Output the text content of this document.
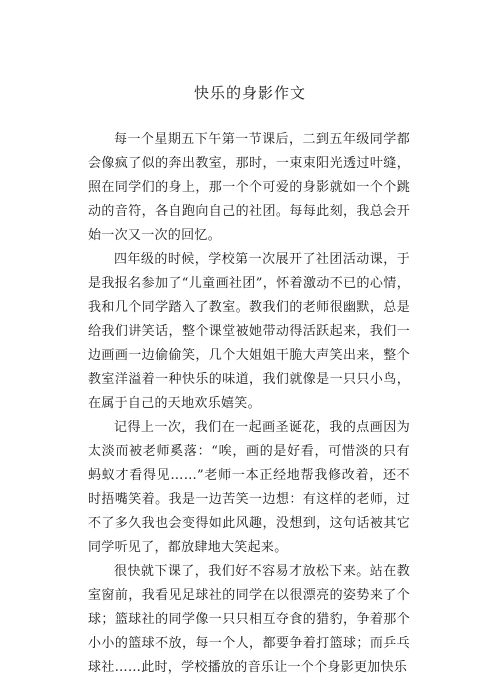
快乐的身影作文

每一个星期五下午第一节课后，二到五年级同学都会像疯了似的奔出教室，那时，一束束阳光透过叶缝，照在同学们的身上，那一个个可爱的身影就如一个个跳动的音符，各自跑向自己的社团。每每此刻，我总会开始一次又一次的回忆。

四年级的时候，学校第一次展开了社团活动课，于是我报名参加了“儿童画社团”，怀着激动不已的心情，我和几个同学踏入了教室。教我们的老师很幽默，总是给我们讲笑话，整个课堂被她带动得活跃起来，我们一边画画一边偷偷笑，几个大姐姐干脆大声笑出来，整个教室洋溢着一种快乐的味道，我们就像是一只只小鸟，在属于自己的天地欢乐嬉笑。

记得上一次，我们在一起画圣诞花，我的点画因为太淡而被老师奚落：“唉，画的是好看，可惜淡的只有蚂蚁才看得见……”老师一本正经地帮我修改着，还不时捂嘴笑着。我是一边苦笑一边想：有这样的老师，过不了多久我也会变得如此风趣，没想到，这句话被其它同学听见了，都放肆地大笑起来。

很快就下课了，我们好不容易才放松下来。站在教室窗前，我看见足球社的同学在以很漂亮的姿势来了个球；篮球社的同学像一只只相互夺食的猎豹，争着那个小小的篮球不放，每一个人，都要争着打篮球；而乒乓球社……此时，学校播放的音乐让一个个身影更加快乐
